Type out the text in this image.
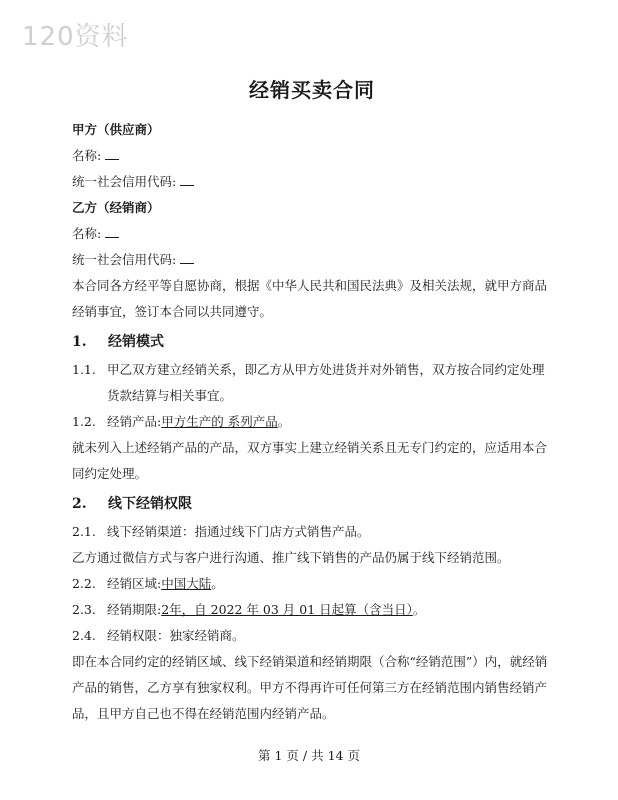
120资料
经销买卖合同
甲方（供应商）
名称:
统一社会信用代码:
乙方（经销商）
名称:
统一社会信用代码:
本合同各方经平等自愿协商，根据《中华人民共和国民法典》及相关法规，就甲方商品经销事宜，签订本合同以共同遵守。
1.	经销模式
1.1. 甲乙双方建立经销关系，即乙方从甲方处进货并对外销售，双方按合同约定处理货款结算与相关事宜。
1.2. 经销产品:甲方生产的 系列产品。
就未列入上述经销产品的产品，双方事实上建立经销关系且无专门约定的，应适用本合同约定处理。
2.	线下经销权限
2.1. 线下经销渠道：指通过线下门店方式销售产品。
乙方通过微信方式与客户进行沟通、推广线下销售的产品仍属于线下经销范围。
2.2. 经销区域:中国大陆。
2.3. 经销期限:2年，自 2022 年 03 月 01 日起算（含当日）。
2.4. 经销权限：独家经销商。
即在本合同约定的经销区域、线下经销渠道和经销期限（合称“经销范围”）内，就经销产品的销售，乙方享有独家权利。甲方不得再许可任何第三方在经销范围内销售经销产品，且甲方自己也不得在经销范围内经销产品。
第 1 页 / 共 14 页
